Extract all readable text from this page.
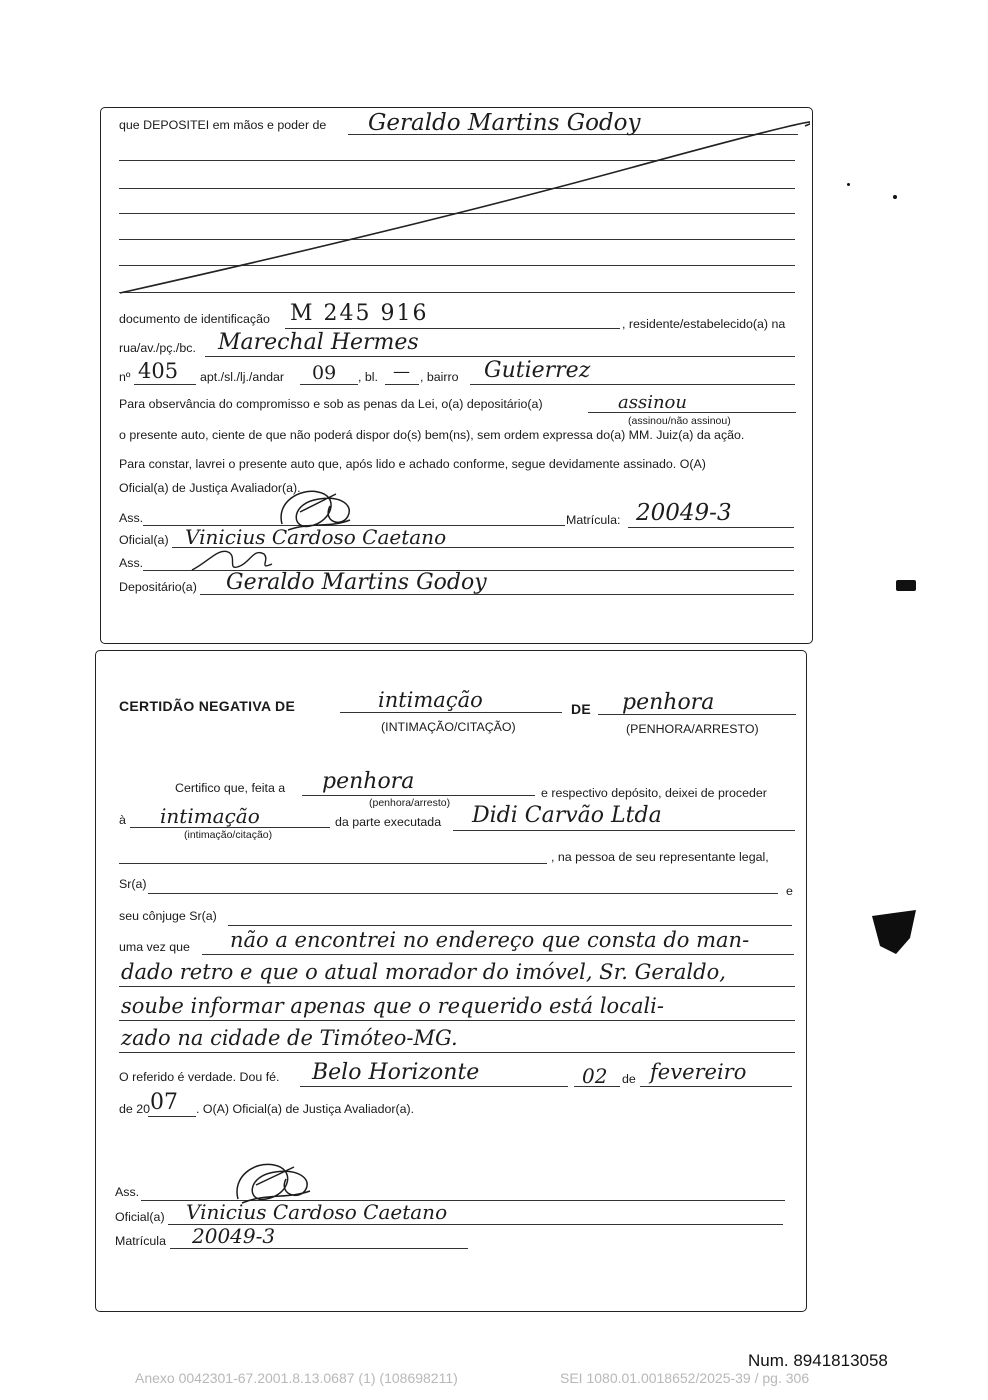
que DEPOSITEI em mãos e poder de Geraldo Martins Godoy
documento de identificação M 245 916	, residente/estabelecido(a) na
rua/av./pç./bc. Marechal Hermes
nº 405 apt./sl./lj./andar 09 , bl. — , bairro Gutierrez
Para observância do compromisso e sob as penas da Lei, o(a) depositário(a)	assinou
(assinou/não assinou)
o presente auto, ciente de que não poderá dispor do(s) bem(ns), sem ordem expressa do(a) MM. Juiz(a) da ação.
Para constar, lavrei o presente auto que, após lido e achado conforme, segue devidamente assinado. O(A)
Oficial(a) de Justiça Avaliador(a).
Ass.	Matrícula: 20049-3
Oficial(a) Vinicius Cardoso Caetano
Ass.
Depositário(a) Geraldo Martins Godoy
CERTIDÃO NEGATIVA DE	intimação
(INTIMAÇÃO/CITAÇÃO)
DE penhora
(PENHORA/ARRESTO)
Certifico que, feita a penhora
(penhora/arresto)
e respectivo depósito, deixei de proceder
à intimação
(intimação/citação)
da parte executada Didi Carvão Ltda
, na pessoa de seu representante legal,
Sr(a)	e
seu cônjuge Sr(a)
uma vez que não a encontrei no endereço que consta do man-
dado retro e que o atual morador do imóvel, Sr. Geraldo,
soube informar apenas que o requerido está locali-
zado na cidade de Timóteo-MG.
O referido é verdade. Dou fé. Belo Horizonte	02 de fevereiro
de 20 07 . O(A) Oficial(a) de Justiça Avaliador(a).
Ass.
Oficial(a) Vinicius Cardoso Caetano
Matrícula 20049-3
Num. 8941813058
Anexo 0042301-67.2001.8.13.0687 (1) (108698211)	SEI 1080.01.0018652/2025-39 / pg. 306
